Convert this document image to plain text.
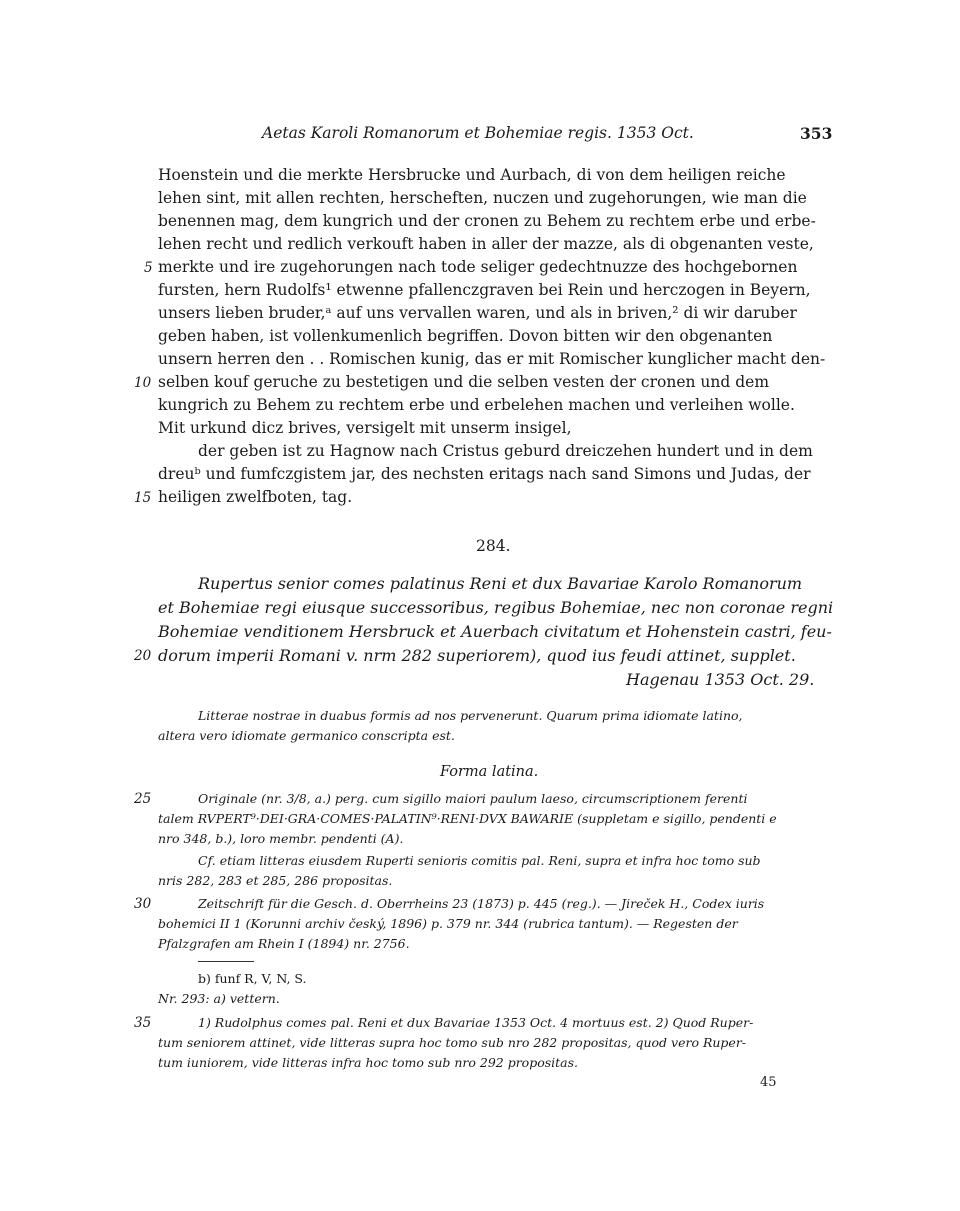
Aetas Karoli Romanorum et Bohemiae regis. 1353 Oct.	353
Hoenstein und die merkte Hersbrucke und Aurbach, di von dem heiligen reiche
lehen sint, mit allen rechten, herscheften, nuczen und zugehorungen, wie man die
benennen mag, dem kungrich und der cronen zu Behem zu rechtem erbe und erbe-
lehen recht und redlich verkouft haben in aller der mazze, als di obgenanten veste,
merkte und ire zugehorungen nach tode seliger gedechtnuzze des hochgebornen
fursten, hern Rudolfs¹ etwenne pfallenczgraven bei Rein und herczogen in Beyern,
unsers lieben bruder,ᵃ auf uns vervallen waren, und als in briven,² di wir daruber
geben haben, ist vollenkumenlich begriffen. Dovon bitten wir den obgenanten
unsern herren den . . Romischen kunig, das er mit Romischer kunglicher macht den-
selben kouf geruche zu bestetigen und die selben vesten der cronen und dem
kungrich zu Behem zu rechtem erbe und erbelehen machen und verleihen wolle.
Mit urkund dicz brives, versigelt mit unserm insigel,
der geben ist zu Hagnow nach Cristus geburd dreiczehen hundert und in dem
dreuᵇ und fumfczgistem jar, des nechsten eritags nach sand Simons und Judas, der
heiligen zwelfboten, tag.
5
10
15
284.
Rupertus senior comes palatinus Reni et dux Bavariae Karolo Romanorum
et Bohemiae regi eiusque successoribus, regibus Bohemiae, nec non coronae regni
Bohemiae venditionem Hersbruck et Auerbach civitatum et Hohenstein castri, feu-
dorum imperii Romani v. nrm 282 superiorem), quod ius feudi attinet, supplet.
20
Hagenau 1353 Oct. 29.
Litterae nostrae in duabus formis ad nos pervenerunt. Quarum prima idiomate latino,
altera vero idiomate germanico conscripta est.
Forma latina.
Originale (nr. 3/8, a.) perg. cum sigillo maiori paulum laeso, circumscriptionem ferenti
talem RVPERT⁹·DEI·GRA·COMES·PALATIN⁹·RENI·DVX BAWARIE (suppletam e sigillo, pendenti e
nro 348, b.), loro membr. pendenti (A).
Cf. etiam litteras eiusdem Ruperti senioris comitis pal. Reni, supra et infra hoc tomo sub
nris 282, 283 et 285, 286 propositas.
Zeitschrift für die Gesch. d. Oberrheins 23 (1873) p. 445 (reg.). — Jireček H., Codex iuris
bohemici II 1 (Korunni archiv český, 1896) p. 379 nr. 344 (rubrica tantum). — Regesten der
Pfalzgrafen am Rhein I (1894) nr. 2756.
25
30
b) funf R, V, N, S.
Nr. 293: a) vettern.
1) Rudolphus comes pal. Reni et dux Bavariae 1353 Oct. 4 mortuus est. 2) Quod Ruper-
tum seniorem attinet, vide litteras supra hoc tomo sub nro 282 propositas, quod vero Ruper-
tum iuniorem, vide litteras infra hoc tomo sub nro 292 propositas.
35
45
